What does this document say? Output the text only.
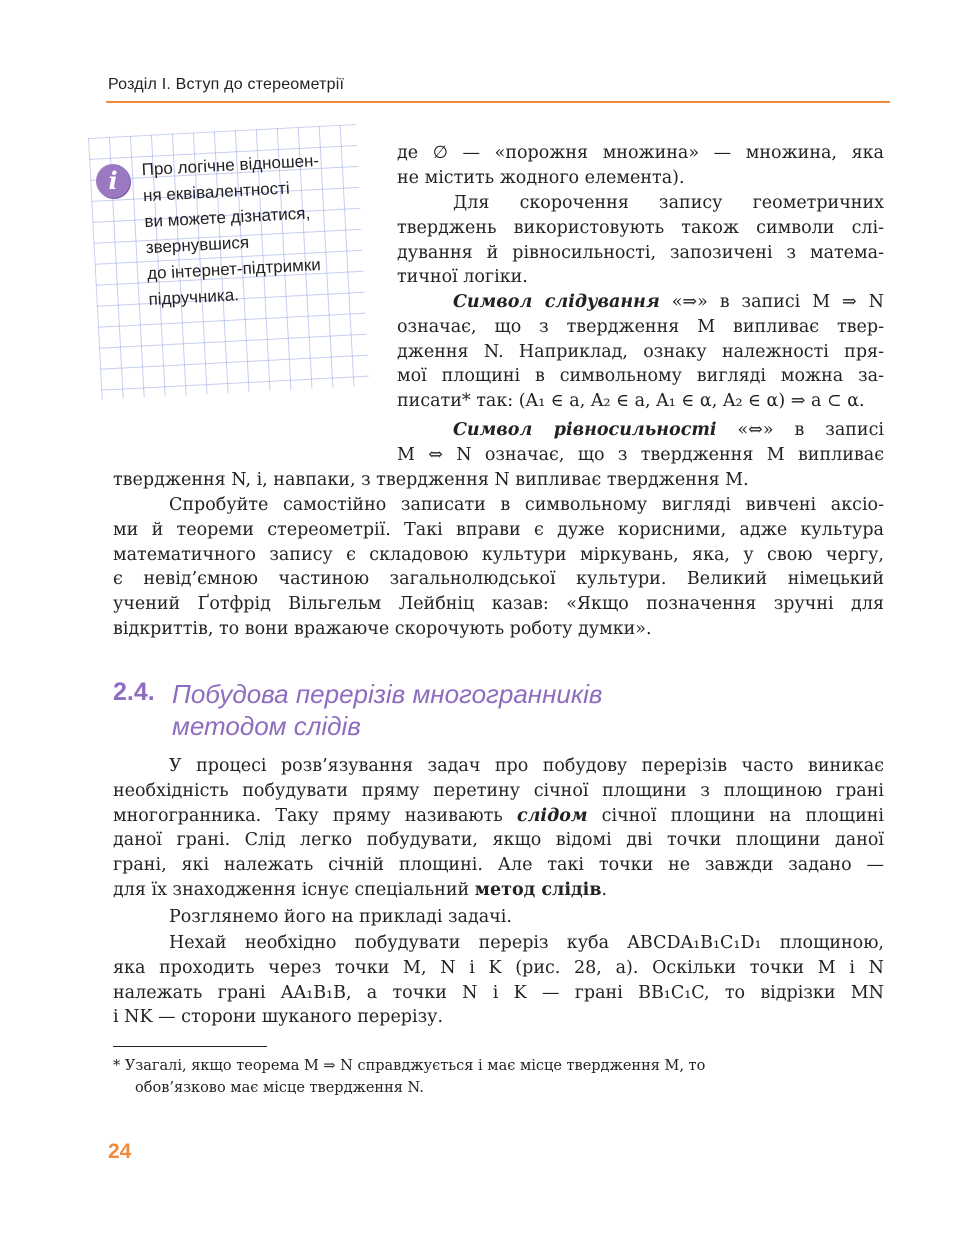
Розділ І. Вступ до стереометрії
Про логічне відношен-
ня еквівалентності
ви можете дізнатися,
звернувшися
до інтернет-підтримки
підручника.
i
де ∅ — «порожня множина» — множина, яка
не містить жодного елемента).
Для скорочення запису геометричних
тверджень використовують також символи слі-
дування й рівносильності, запозичені з матема-
тичної логіки.
Символ слідування «⇒» в записі M ⇒ N
означає, що з твердження M випливає твер-
дження N. Наприклад, ознаку належності пря-
мої площині в символьному вигляді можна за-
писати* так: (A₁ ∈ a, A₂ ∈ a, A₁ ∈ α, A₂ ∈ α) ⇒ a ⊂ α.
Символ рівносильності «⇔» в записі
M ⇔ N означає, що з твердження M випливає
твердження N, і, навпаки, з твердження N випливає твердження M.
Спробуйте самостійно записати в символьному вигляді вивчені аксіо-
ми й теореми стереометрії. Такі вправи є дуже корисними, адже культура
математичного запису є складовою культури міркувань, яка, у свою чергу,
є невід’ємною частиною загальнолюдської культури. Великий німецький
учений Ґотфрід Вільгельм Лейбніц казав: «Якщо позначення зручні для
відкриттів, то вони вражаюче скорочують роботу думки».
2.4. Побудова перерізів многогранників
методом слідів
У процесі розв’язування задач про побудову перерізів часто виникає
необхідність побудувати пряму перетину січної площини з площиною грані
многогранника. Таку пряму називають слідом січної площини на площині
даної грані. Слід легко побудувати, якщо відомі дві точки площини даної
грані, які належать січній площині. Але такі точки не завжди задано —
для їх знаходження існує спеціальний метод слідів.
Розглянемо його на прикладі задачі.
Нехай необхідно побудувати переріз куба ABCDA₁B₁C₁D₁ площиною,
яка проходить через точки M, N і K (рис. 28, а). Оскільки точки M і N
належать грані AA₁B₁B, а точки N і K — грані BB₁C₁C, то відрізки MN
і NK — сторони шуканого перерізу.
* Узагалі, якщо теорема M ⇒ N справджується і має місце твердження M, то
обов’язково має місце твердження N.
24
